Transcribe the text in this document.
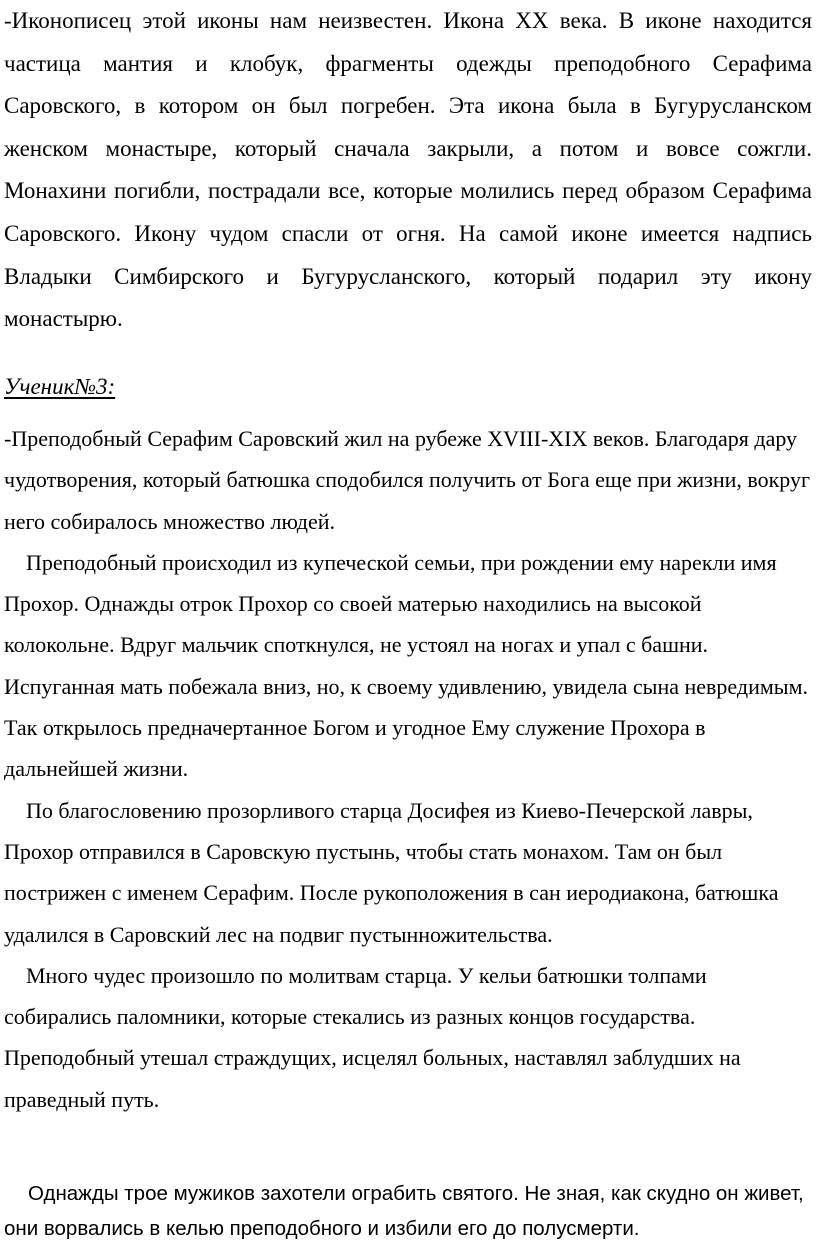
-Иконописец этой иконы нам неизвестен. Икона XX века. В иконе находится частица мантия и клобук, фрагменты одежды преподобного Серафима Саровского, в котором он был погребен. Эта икона была в Бугурусланском женском монастыре, который сначала закрыли, а потом и вовсе сожгли. Монахини погибли, пострадали все, которые молились перед образом Серафима Саровского. Икону чудом спасли от огня. На самой иконе имеется надпись Владыки Симбирского и Бугурусланского, который подарил эту икону монастырю.

Ученик№3:

-Преподобный Серафим Саровский жил на рубеже XVIII-XIX веков. Благодаря дару чудотворения, который батюшка сподобился получить от Бога еще при жизни, вокруг него собиралось множество людей.

Преподобный происходил из купеческой семьи, при рождении ему нарекли имя Прохор. Однажды отрок Прохор со своей матерью находились на высокой колокольне. Вдруг мальчик споткнулся, не устоял на ногах и упал с башни. Испуганная мать побежала вниз, но, к своему удивлению, увидела сына невредимым. Так открылось предначертанное Богом и угодное Ему служение Прохора в дальнейшей жизни.

По благословению прозорливого старца Досифея из Киево-Печерской лавры, Прохор отправился в Саровскую пустынь, чтобы стать монахом. Там он был пострижен с именем Серафим. После рукоположения в сан иеродиакона, батюшка удалился в Саровский лес на подвиг пустынножительства.

Много чудес произошло по молитвам старца. У кельи батюшки толпами собирались паломники, которые стекались из разных концов государства. Преподобный утешал страждущих, исцелял больных, наставлял заблудших на праведный путь.

Однажды трое мужиков захотели ограбить святого. Не зная, как скудно он живет, они ворвались в келью преподобного и избили его до полусмерти.
